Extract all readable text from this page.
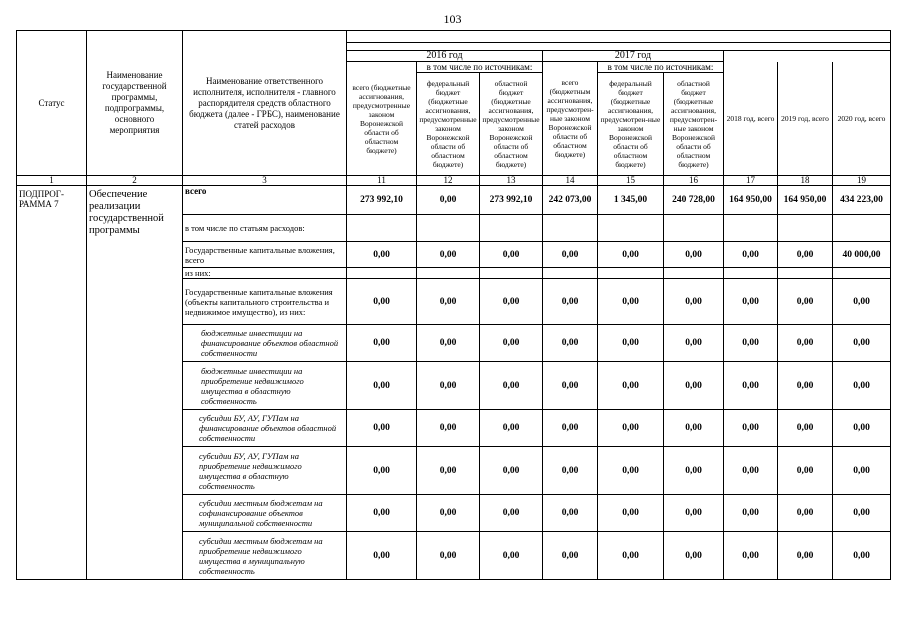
103
Статус	Наименование государственной программы, подпрограммы, основного мероприятия	Наименование ответственного исполнителя, исполнителя - главного распорядителя средств областного бюджета (далее - ГРБС), наименование статей расходов									

			2016 год			2017 год					
			всего (бюджетные ассигнования, предусмотренные законом Воронежской области об областном бюджете)	в том числе по источникам:		всего (бюджетным ассигнования, предусмотрен-ные законом Воронежской области об областном бюджете)	в том числе по источникам:		2018 год, всего	2019 год, всего	2020 год, всего
				федеральный бюджет (бюджетные ассигнования, предусмотренные законом Воронежской области об областном бюджете)	областной бюджет (бюджетные ассигнования, предусмотренные законом Воронежской области об областном бюджете)		федеральный бюджет (бюджетные ассигнования, предусмотрен-ные законом Воронежской области об областном бюджете)	областной бюджет (бюджетные ассигнования, предусмотрен-ные законом Воронежской области об областном бюджете)			
1	2	3	11	12	13	14	15	16	17	18	19
ПОДПРОГ-РАММА 7	Обеспечение реализации государственной программы	всего	273 992,10	0,00	273 992,10	242 073,00	1 345,00	240 728,00	164 950,00	164 950,00	434 223,00
		в том числе по статьям расходов:									
		Государственные капитальные вложения, всего	0,00	0,00	0,00	0,00	0,00	0,00	0,00	0,00	40 000,00
		из них:									
		Государственные капитальные вложения (объекты капитального строительства и недвижимое имущество), из них:	0,00	0,00	0,00	0,00	0,00	0,00	0,00	0,00	0,00
		бюджетные инвестиции на финансирование объектов областной собственности	0,00	0,00	0,00	0,00	0,00	0,00	0,00	0,00	0,00
		бюджетные инвестиции на приобретение недвижимого имущества в областную собственность	0,00	0,00	0,00	0,00	0,00	0,00	0,00	0,00	0,00
		субсидии БУ, АУ, ГУПам на финансирование объектов областной собственности	0,00	0,00	0,00	0,00	0,00	0,00	0,00	0,00	0,00
		субсидии БУ, АУ, ГУПам на приобретение недвижимого имущества в областную собственность	0,00	0,00	0,00	0,00	0,00	0,00	0,00	0,00	0,00
		субсидии местным бюджетам на софинансирование объектов муниципальной собственности	0,00	0,00	0,00	0,00	0,00	0,00	0,00	0,00	0,00
		субсидии местным бюджетам на приобретение недвижимого имущества в муниципальную собственность	0,00	0,00	0,00	0,00	0,00	0,00	0,00	0,00	0,00
